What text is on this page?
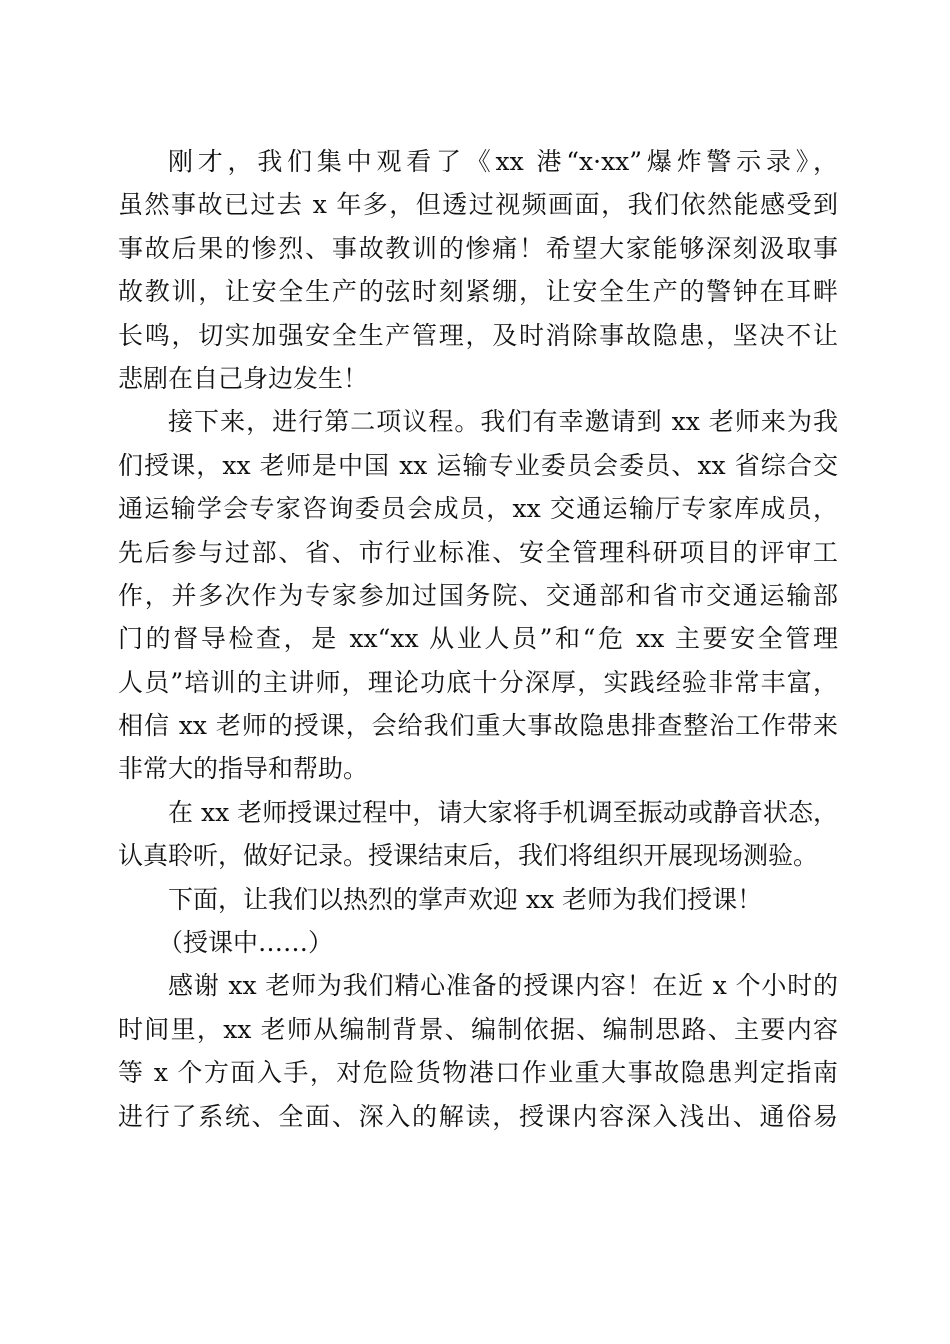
刚才，我们集中观看了《xx 港“x·xx”爆炸警示录》，
虽然事故已过去 x 年多，但透过视频画面，我们依然能感受到
事故后果的惨烈、事故教训的惨痛！希望大家能够深刻汲取事
故教训，让安全生产的弦时刻紧绷，让安全生产的警钟在耳畔
长鸣，切实加强安全生产管理，及时消除事故隐患，坚决不让
悲剧在自己身边发生！
接下来，进行第二项议程。我们有幸邀请到 xx 老师来为我
们授课，xx 老师是中国 xx 运输专业委员会委员、xx 省综合交
通运输学会专家咨询委员会成员，xx 交通运输厅专家库成员，
先后参与过部、省、市行业标准、安全管理科研项目的评审工
作，并多次作为专家参加过国务院、交通部和省市交通运输部
门的督导检查，是 xx“xx 从业人员”和“危 xx 主要安全管理
人员”培训的主讲师，理论功底十分深厚，实践经验非常丰富，
相信 xx 老师的授课，会给我们重大事故隐患排查整治工作带来
非常大的指导和帮助。
在 xx 老师授课过程中，请大家将手机调至振动或静音状态，
认真聆听，做好记录。授课结束后，我们将组织开展现场测验。
下面，让我们以热烈的掌声欢迎 xx 老师为我们授课！
（授课中……）
感谢 xx 老师为我们精心准备的授课内容！在近 x 个小时的
时间里，xx 老师从编制背景、编制依据、编制思路、主要内容
等 x 个方面入手，对危险货物港口作业重大事故隐患判定指南
进行了系统、全面、深入的解读，授课内容深入浅出、通俗易
